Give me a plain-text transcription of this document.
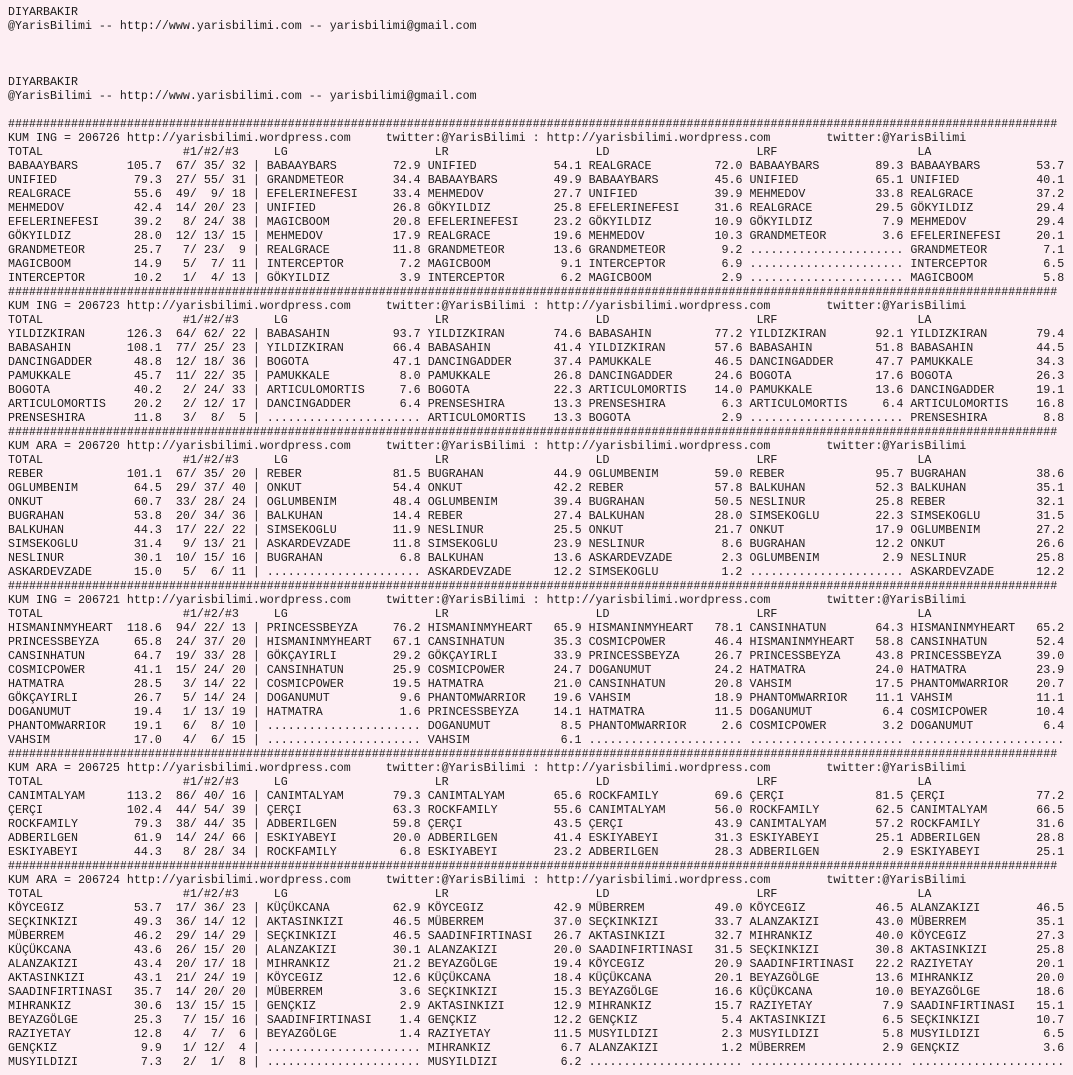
DIYARBAKIR
@YarisBilimi -- http://www.yarisbilimi.com -- yarisbilimi@gmail.com
DIYARBAKIR
@YarisBilimi -- http://www.yarisbilimi.com -- yarisbilimi@gmail.com
######################################################################################################################################################
KUM ING = 206726 http://yarisbilimi.wordpress.com	twitter:@YarisBilimi : http://yarisbilimi.wordpress.com	twitter:@YarisBilimi
TOTAL	#1/#2/#3	LG	LR	LD	LRF	LA
BABAAYBARS	105.7	67 / 35 / 32 | BABAAYBARS	72.9 UNIFIED	54.1 REALGRACE	72.0 BABAAYBARS	89.3 BABAAYBARS	53.7
UNIFIED	79.3	27 / 55 / 31 | GRANDMETEOR	34.4 BABAAYBARS	49.9 BABAAYBARS	45.6 UNIFIED	65.1 UNIFIED	40.1
REALGRACE	55.6	49 /	9 / 18 | EFELERINEFESI	33.4 MEHMEDOV	27.7 UNIFIED	39.9 MEHMEDOV	33.8 REALGRACE	37.2
MEHMEDOV	42.4	14 / 20 / 23 | UNIFIED	26.8 GÖKYILDIZ	25.8 EFELERINEFESI	31.6 REALGRACE	29.5 GÖKYILDIZ	29.4
EFELERINEFESI	39.2	8 / 24 / 38 | MAGICBOOM	20.8 EFELERINEFESI	23.2 GÖKYILDIZ	10.9 GÖKYILDIZ	7.9 MEHMEDOV	29.4
GÖKYILDIZ	28.0	12 / 13 / 15 | MEHMEDOV	17.9 REALGRACE	19.6 MEHMEDOV	10.3 GRANDMETEOR	3.6 EFELERINEFESI	20.1
GRANDMETEOR	25.7	7 / 23 /	9 | REALGRACE	11.8 GRANDMETEOR	13.6 GRANDMETEOR	9.2 ...................... GRANDMETEOR	7.1
MAGICBOOM	14.9	5 /	7 / 11 | INTERCEPTOR	7.2 MAGICBOOM	9.1 INTERCEPTOR	6.9 ...................... INTERCEPTOR	6.5
INTERCEPTOR	10.2	1 /	4 / 13 | GÖKYILDIZ	3.9 INTERCEPTOR	6.2 MAGICBOOM	2.9 ...................... MAGICBOOM	5.8
######################################################################################################################################################
KUM ING = 206723 http://yarisbilimi.wordpress.com	twitter:@YarisBilimi : http://yarisbilimi.wordpress.com	twitter:@YarisBilimi
TOTAL	#1/#2/#3	LG	LR	LD	LRF	LA
YILDIZKIRAN	126.3	64 / 62 / 22 | BABASAHIN	93.7 YILDIZKIRAN	74.6 BABASAHIN	77.2 YILDIZKIRAN	92.1 YILDIZKIRAN	79.4
BABASAHIN	108.1	77 / 25 / 23 | YILDIZKIRAN	66.4 BABASAHIN	41.4 YILDIZKIRAN	57.6 BABASAHIN	51.8 BABASAHIN	44.5
DANCINGADDER	48.8	12 / 18 / 36 | BOGOTA	47.1 DANCINGADDER	37.4 PAMUKKALE	46.5 DANCINGADDER	47.7 PAMUKKALE	34.3
PAMUKKALE	45.7	11 / 22 / 35 | PAMUKKALE	8.0 PAMUKKALE	26.8 DANCINGADDER	24.6 BOGOTA	17.6 BOGOTA	26.3
BOGOTA	40.2	2 / 24 / 33 | ARTICULOMORTIS	7.6 BOGOTA	22.3 ARTICULOMORTIS	14.0 PAMUKKALE	13.6 DANCINGADDER	19.1
ARTICULOMORTIS	20.2	2 / 12 / 17 | DANCINGADDER	6.4 PRENSESHIRA	13.3 PRENSESHIRA	6.3 ARTICULOMORTIS	6.4 ARTICULOMORTIS	16.8
PRENSESHIRA	11.8	3 /	8 /	5 | ...................... ARTICULOMORTIS	13.3 BOGOTA	2.9 ...................... PRENSESHIRA	8.8
######################################################################################################################################################
KUM ARA = 206720 http://yarisbilimi.wordpress.com	twitter:@YarisBilimi : http://yarisbilimi.wordpress.com	twitter:@YarisBilimi
TOTAL	#1/#2/#3	LG	LR	LD	LRF	LA
REBER	101.1	67 / 35 / 20 | REBER	81.5 BUGRAHAN	44.9 OGLUMBENIM	59.0 REBER	95.7 BUGRAHAN	38.6
OGLUMBENIM	64.5	29 / 37 / 40 | ONKUT	54.4 ONKUT	42.2 REBER	57.8 BALKUHAN	52.3 BALKUHAN	35.1
ONKUT	60.7	33 / 28 / 24 | OGLUMBENIM	48.4 OGLUMBENIM	39.4 BUGRAHAN	50.5 NESLINUR	25.8 REBER	32.1
BUGRAHAN	53.8	20 / 34 / 36 | BALKUHAN	14.4 REBER	27.4 BALKUHAN	28.0 SIMSEKOGLU	22.3 SIMSEKOGLU	31.5
BALKUHAN	44.3	17 / 22 / 22 | SIMSEKOGLU	11.9 NESLINUR	25.5 ONKUT	21.7 ONKUT	17.9 OGLUMBENIM	27.2
SIMSEKOGLU	31.4	9 / 13 / 21 | ASKARDEVZADE	11.8 SIMSEKOGLU	23.9 NESLINUR	8.6 BUGRAHAN	12.2 ONKUT	26.6
NESLINUR	30.1	10 / 15 / 16 | BUGRAHAN	6.8 BALKUHAN	13.6 ASKARDEVZADE	2.3 OGLUMBENIM	2.9 NESLINUR	25.8
ASKARDEVZADE	15.0	5 /	6 / 11 | ...................... ASKARDEVZADE	12.2 SIMSEKOGLU	1.2 ...................... ASKARDEVZADE	12.2
######################################################################################################################################################
KUM ING = 206721 http://yarisbilimi.wordpress.com	twitter:@YarisBilimi : http://yarisbilimi.wordpress.com	twitter:@YarisBilimi
TOTAL	#1/#2/#3	LG	LR	LD	LRF	LA
HISMANINMYHEART	118.6	94 / 22 / 13 | PRINCESSBEYZA	76.2 HISMANINMYHEART	65.9 HISMANINMYHEART	78.1 CANSINHATUN	64.3 HISMANINMYHEART	65.2
PRINCESSBEYZA	65.8	24 / 37 / 20 | HISMANINMYHEART	67.1 CANSINHATUN	35.3 COSMICPOWER	46.4 HISMANINMYHEART	58.8 CANSINHATUN	52.4
CANSINHATUN	64.7	19 / 33 / 28 | GÖKÇAYIRLI	29.2 GÖKÇAYIRLI	33.9 PRINCESSBEYZA	26.7 PRINCESSBEYZA	43.8 PRINCESSBEYZA	39.0
COSMICPOWER	41.1	15 / 24 / 20 | CANSINHATUN	25.9 COSMICPOWER	24.7 DOGANUMUT	24.2 HATMATRA	24.0 HATMATRA	23.9
HATMATRA	28.5	3 / 14 / 22 | COSMICPOWER	19.5 HATMATRA	21.0 CANSINHATUN	20.8 VAHSIM	17.5 PHANTOMWARRIOR	20.7
GÖKÇAYIRLI	26.7	5 / 14 / 24 | DOGANUMUT	9.6 PHANTOMWARRIOR	19.6 VAHSIM	18.9 PHANTOMWARRIOR	11.1 VAHSIM	11.1
DOGANUMUT	19.4	1 / 13 / 19 | HATMATRA	1.6 PRINCESSBEYZA	14.1 HATMATRA	11.5 DOGANUMUT	6.4 COSMICPOWER	10.4
PHANTOMWARRIOR	19.1	6 /	8 / 10 | ...................... DOGANUMUT	8.5 PHANTOMWARRIOR	2.6 COSMICPOWER	3.2 DOGANUMUT	6.4
VAHSIM	17.0	4 /	6 / 15 | ...................... VAHSIM	6.1 ...................... ...................... ......................
######################################################################################################################################################
KUM ARA = 206725 http://yarisbilimi.wordpress.com	twitter:@YarisBilimi : http://yarisbilimi.wordpress.com	twitter:@YarisBilimi
TOTAL	#1/#2/#3	LG	LR	LD	LRF	LA
CANIMTALYAM	113.2	86 / 40 / 16 | CANIMTALYAM	79.3 CANIMTALYAM	65.6 ROCKFAMILY	69.6 ÇERÇI	81.5 ÇERÇI	77.2
ÇERÇI	102.4	44 / 54 / 39 | ÇERÇI	63.3 ROCKFAMILY	55.6 CANIMTALYAM	56.0 ROCKFAMILY	62.5 CANIMTALYAM	66.5
ROCKFAMILY	79.3	38 / 44 / 35 | ADBERILGEN	59.8 ÇERÇI	43.5 ÇERÇI	43.9 CANIMTALYAM	57.2 ROCKFAMILY	31.6
ADBERILGEN	61.9	14 / 24 / 66 | ESKIYABEYI	20.0 ADBERILGEN	41.4 ESKIYABEYI	31.3 ESKIYABEYI	25.1 ADBERILGEN	28.8
ESKIYABEYI	44.3	8 / 28 / 34 | ROCKFAMILY	6.8 ESKIYABEYI	23.2 ADBERILGEN	28.3 ADBERILGEN	2.9 ESKIYABEYI	25.1
######################################################################################################################################################
KUM ARA = 206724 http://yarisbilimi.wordpress.com	twitter:@YarisBilimi : http://yarisbilimi.wordpress.com	twitter:@YarisBilimi
TOTAL	#1/#2/#3	LG	LR	LD	LRF	LA
KÖYCEGIZ	53.7	17 / 36 / 23 | KÜÇÜKCANA	62.9 KÖYCEGIZ	42.9 MÜBERREM	49.0 KÖYCEGIZ	46.5 ALANZAKIZI	46.5
SEÇKINKIZI	49.3	36 / 14 / 12 | AKTASINKIZI	46.5 MÜBERREM	37.0 SEÇKINKIZI	33.7 ALANZAKIZI	43.0 MÜBERREM	35.1
MÜBERREM	46.2	29 / 14 / 29 | SEÇKINKIZI	46.5 SAADINFIRTINASI	26.7 AKTASINKIZI	32.7 MIHRANKIZ	40.0 KÖYCEGIZ	27.3
KÜÇÜKCANA	43.6	26 / 15 / 20 | ALANZAKIZI	30.1 ALANZAKIZI	20.0 SAADINFIRTINASI	31.5 SEÇKINKIZI	30.8 AKTASINKIZI	25.8
ALANZAKIZI	43.4	20 / 17 / 18 | MIHRANKIZ	21.2 BEYAZGÖLGE	19.4 KÖYCEGIZ	20.9 SAADINFIRTINASI	22.2 RAZIYETAY	20.1
AKTASINKIZI	43.1	21 / 24 / 19 | KÖYCEGIZ	12.6 KÜÇÜKCANA	18.4 KÜÇÜKCANA	20.1 BEYAZGÖLGE	13.6 MIHRANKIZ	20.0
SAADINFIRTINASI	35.7	14 / 20 / 20 | MÜBERREM	3.6 SEÇKINKIZI	15.3 BEYAZGÖLGE	16.6 KÜÇÜKCANA	10.0 BEYAZGÖLGE	18.6
MIHRANKIZ	30.6	13 / 15 / 15 | GENÇKIZ	2.9 AKTASINKIZI	12.9 MIHRANKIZ	15.7 RAZIYETAY	7.9 SAADINFIRTINASI	15.1
BEYAZGÖLGE	25.3	7 / 15 / 16 | SAADINFIRTINASI	1.4 GENÇKIZ	12.2 GENÇKIZ	5.4 AKTASINKIZI	6.5 SEÇKINKIZI	10.7
RAZIYETAY	12.8	4 /	7 /	6 | BEYAZGÖLGE	1.4 RAZIYETAY	11.5 MUSYILDIZI	2.3 MUSYILDIZI	5.8 MUSYILDIZI	6.5
GENÇKIZ	9.9	1 / 12 /	4 | ...................... MIHRANKIZ	6.7 ALANZAKIZI	1.2 MÜBERREM	2.9 GENÇKIZ	3.6
MUSYILDIZI	7.3	2 /	1 /	8 | ...................... MUSYILDIZI	6.2 ...................... ...................... ......................
